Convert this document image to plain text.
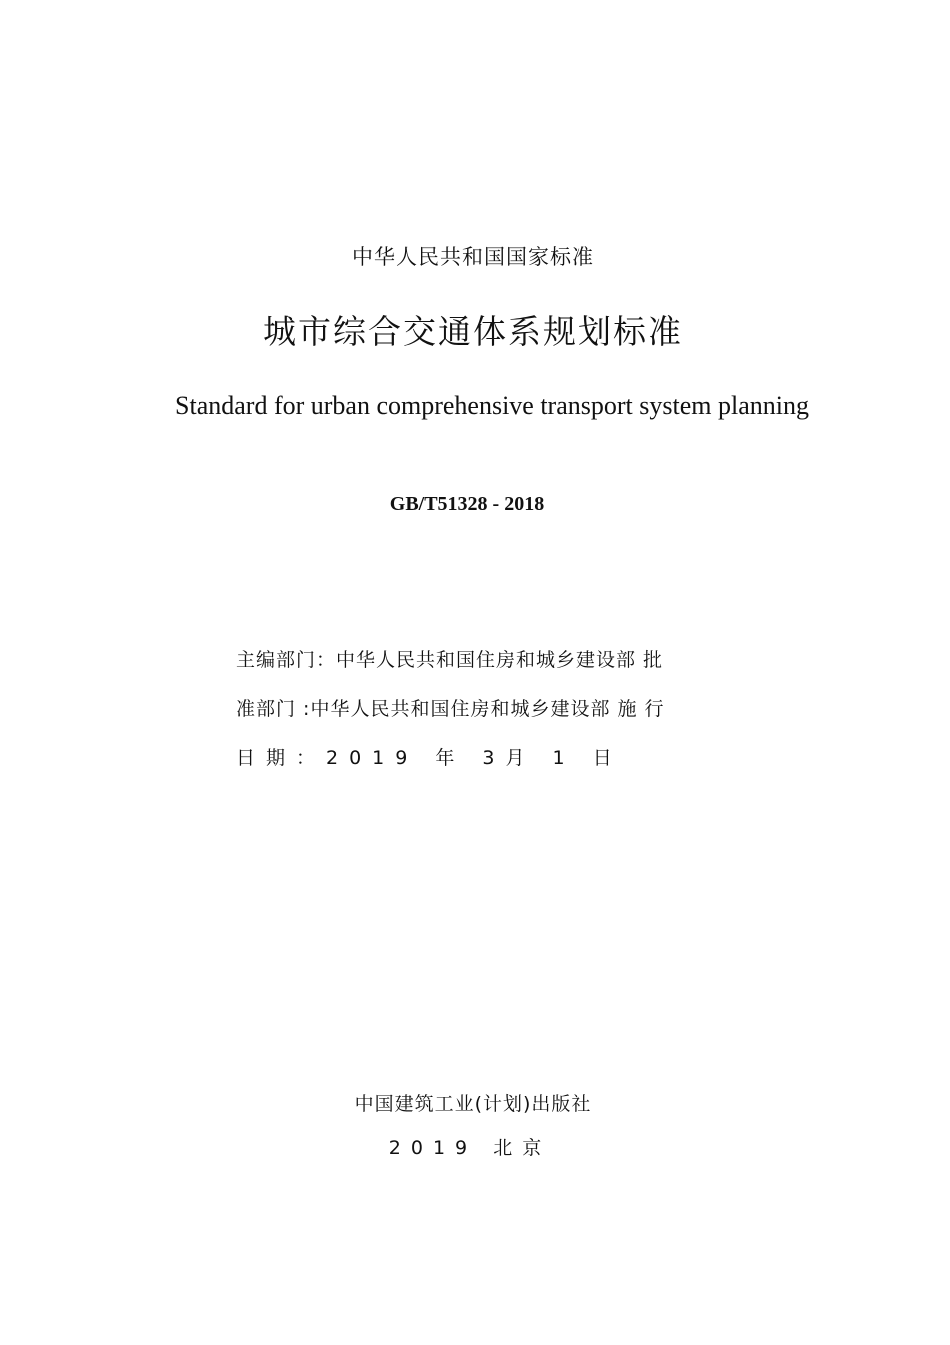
中华人民共和国国家标准
城市综合交通体系规划标准
Standard for urban comprehensive transport system planning
GB/T51328 - 2018
主编部门：中华人民共和国住房和城乡建设部 批
准部门 :中华人民共和国住房和城乡建设部 施 行
日期：2019 年 3月 1 日
中国建筑工业(计划)出版社
2019 北京
